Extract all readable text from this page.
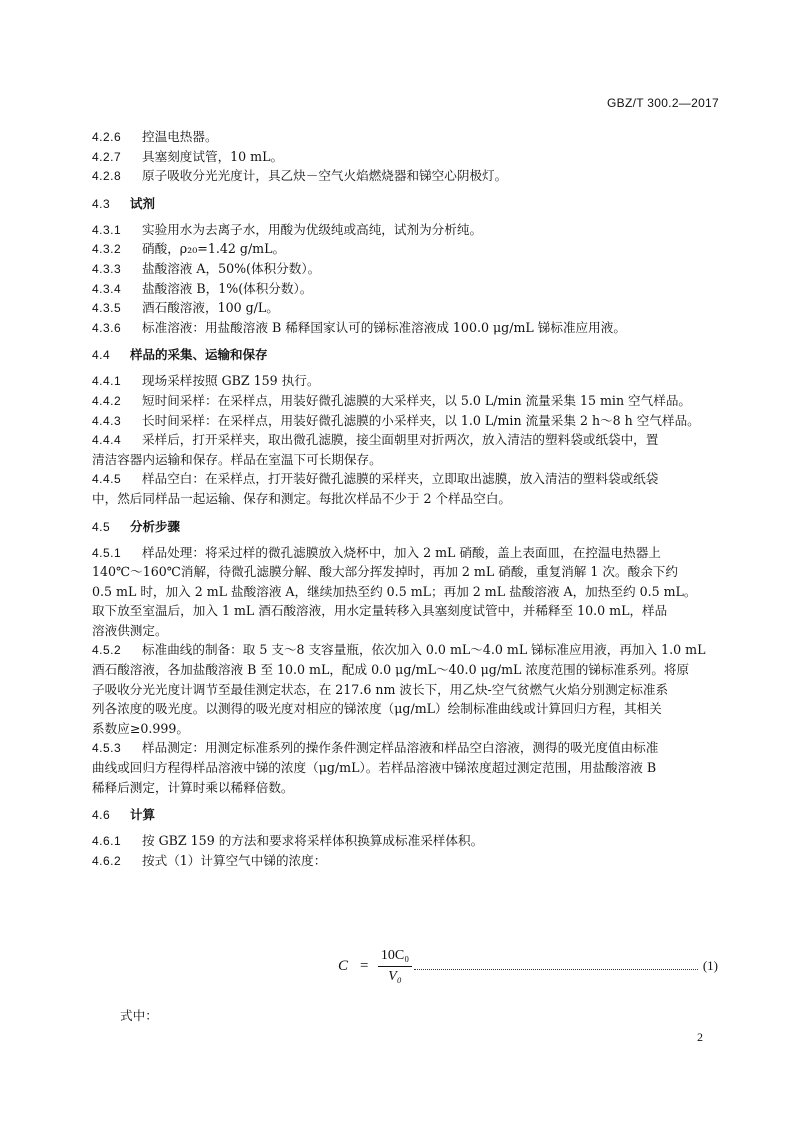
GBZ/T 300.2—2017
4.2.6 控温电热器。
4.2.7 具塞刻度试管，10 mL。
4.2.8 原子吸收分光光度计，具乙炔－空气火焰燃烧器和锑空心阴极灯。
4.3 试剂
4.3.1 实验用水为去离子水，用酸为优级纯或高纯，试剂为分析纯。
4.3.2 硝酸，ρ₂₀=1.42 g/mL。
4.3.3 盐酸溶液 A，50%(体积分数）。
4.3.4 盐酸溶液 B，1%(体积分数）。
4.3.5 酒石酸溶液，100 g/L。
4.3.6 标准溶液：用盐酸溶液 B 稀释国家认可的锑标准溶液成 100.0 μg/mL 锑标准应用液。
4.4 样品的采集、运输和保存
4.4.1 现场采样按照 GBZ 159 执行。
4.4.2 短时间采样：在采样点，用装好微孔滤膜的大采样夹，以 5.0 L/min 流量采集 15 min 空气样品。
4.4.3 长时间采样：在采样点，用装好微孔滤膜的小采样夹，以 1.0 L/min 流量采集 2 h～8 h 空气样品。
4.4.4 采样后，打开采样夹，取出微孔滤膜，接尘面朝里对折两次，放入清洁的塑料袋或纸袋中，置
清洁容器内运输和保存。样品在室温下可长期保存。
4.4.5 样品空白：在采样点，打开装好微孔滤膜的采样夹，立即取出滤膜，放入清洁的塑料袋或纸袋
中，然后同样品一起运输、保存和测定。每批次样品不少于 2 个样品空白。
4.5 分析步骤
4.5.1 样品处理：将采过样的微孔滤膜放入烧杯中，加入 2 mL 硝酸，盖上表面皿，在控温电热器上
140℃～160℃消解，待微孔滤膜分解、酸大部分挥发掉时，再加 2 mL 硝酸，重复消解 1 次。酸余下约
0.5 mL 时，加入 2 mL 盐酸溶液 A，继续加热至约 0.5 mL；再加 2 mL 盐酸溶液 A，加热至约 0.5 mL。
取下放至室温后，加入 1 mL 酒石酸溶液，用水定量转移入具塞刻度试管中，并稀释至 10.0 mL，样品
溶液供测定。
4.5.2 标准曲线的制备：取 5 支～8 支容量瓶，依次加入 0.0 mL～4.0 mL 锑标准应用液，再加入 1.0 mL
酒石酸溶液，各加盐酸溶液 B 至 10.0 mL，配成 0.0 μg/mL～40.0 μg/mL 浓度范围的锑标准系列。将原
子吸收分光光度计调节至最佳测定状态，在 217.6 nm 波长下，用乙炔-空气贫燃气火焰分别测定标准系
列各浓度的吸光度。以测得的吸光度对相应的锑浓度（μg/mL）绘制标准曲线或计算回归方程，其相关
系数应≥0.999。
4.5.3 样品测定：用测定标准系列的操作条件测定样品溶液和样品空白溶液，测得的吸光度值由标准
曲线或回归方程得样品溶液中锑的浓度（μg/mL）。若样品溶液中锑浓度超过测定范围，用盐酸溶液 B
稀释后测定，计算时乘以稀释倍数。
4.6 计算
4.6.1 按 GBZ 159 的方法和要求将采样体积换算成标准采样体积。
4.6.2 按式（1）计算空气中锑的浓度：
C =
10C₀
V₀
(1)
式中：
2
